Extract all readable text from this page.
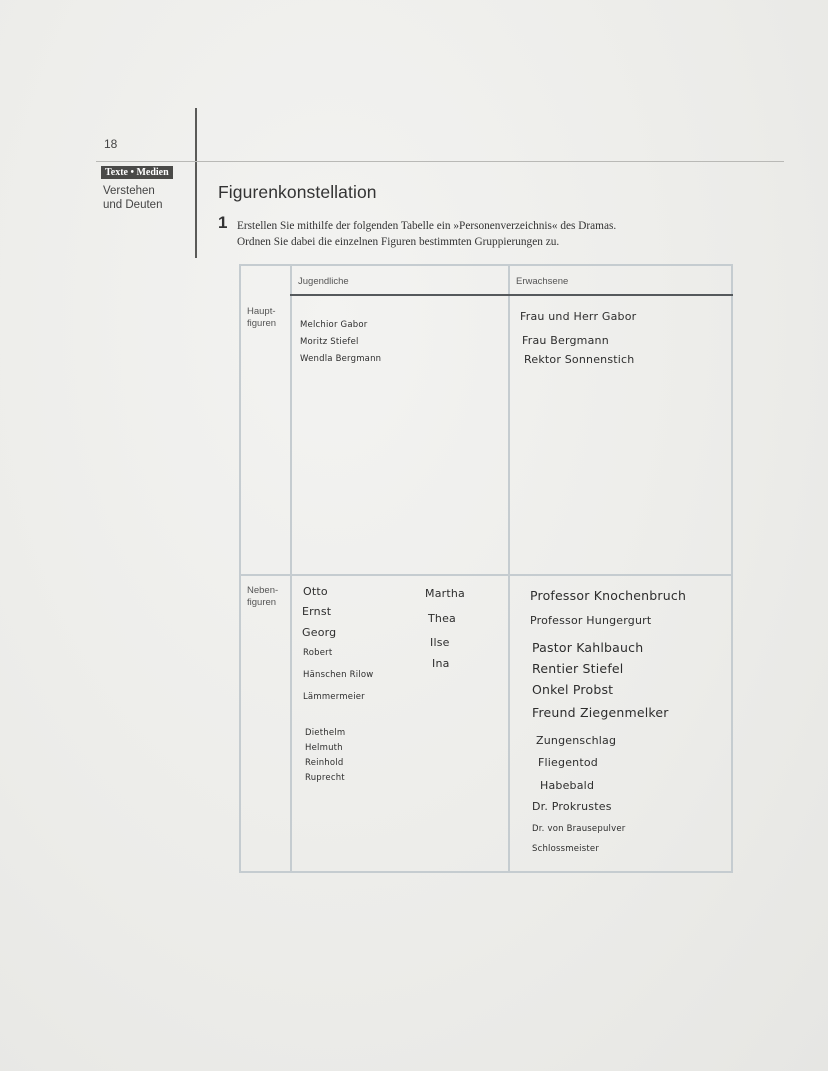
18
Texte • Medien
Verstehen
und Deuten
Figurenkonstellation
1 Erstellen Sie mithilfe der folgenden Tabelle ein »Personenverzeichnis« des Dramas.
Ordnen Sie dabei die einzelnen Figuren bestimmten Gruppierungen zu.
Jugendliche	Erwachsene
Haupt-
figuren
Neben-
figuren
Melchior Gabor
Moritz Stiefel
Wendla Bergmann
Frau und Herr Gabor
Frau Bergmann
Rektor Sonnenstich
Otto
Ernst
Georg
Robert
Hänschen Rilow
Lämmermeier
Diethelm
Helmuth
Reinhold
Ruprecht
Martha
Thea
Ilse
Ina
Professor Knochenbruch
Professor Hungergurt
Pastor Kahlbauch
Rentier Stiefel
Onkel Probst
Freund Ziegenmelker
Zungenschlag
Fliegentod
Habebald
Dr. Prokrustes
Dr. von Brausepulver
Schlossmeister
